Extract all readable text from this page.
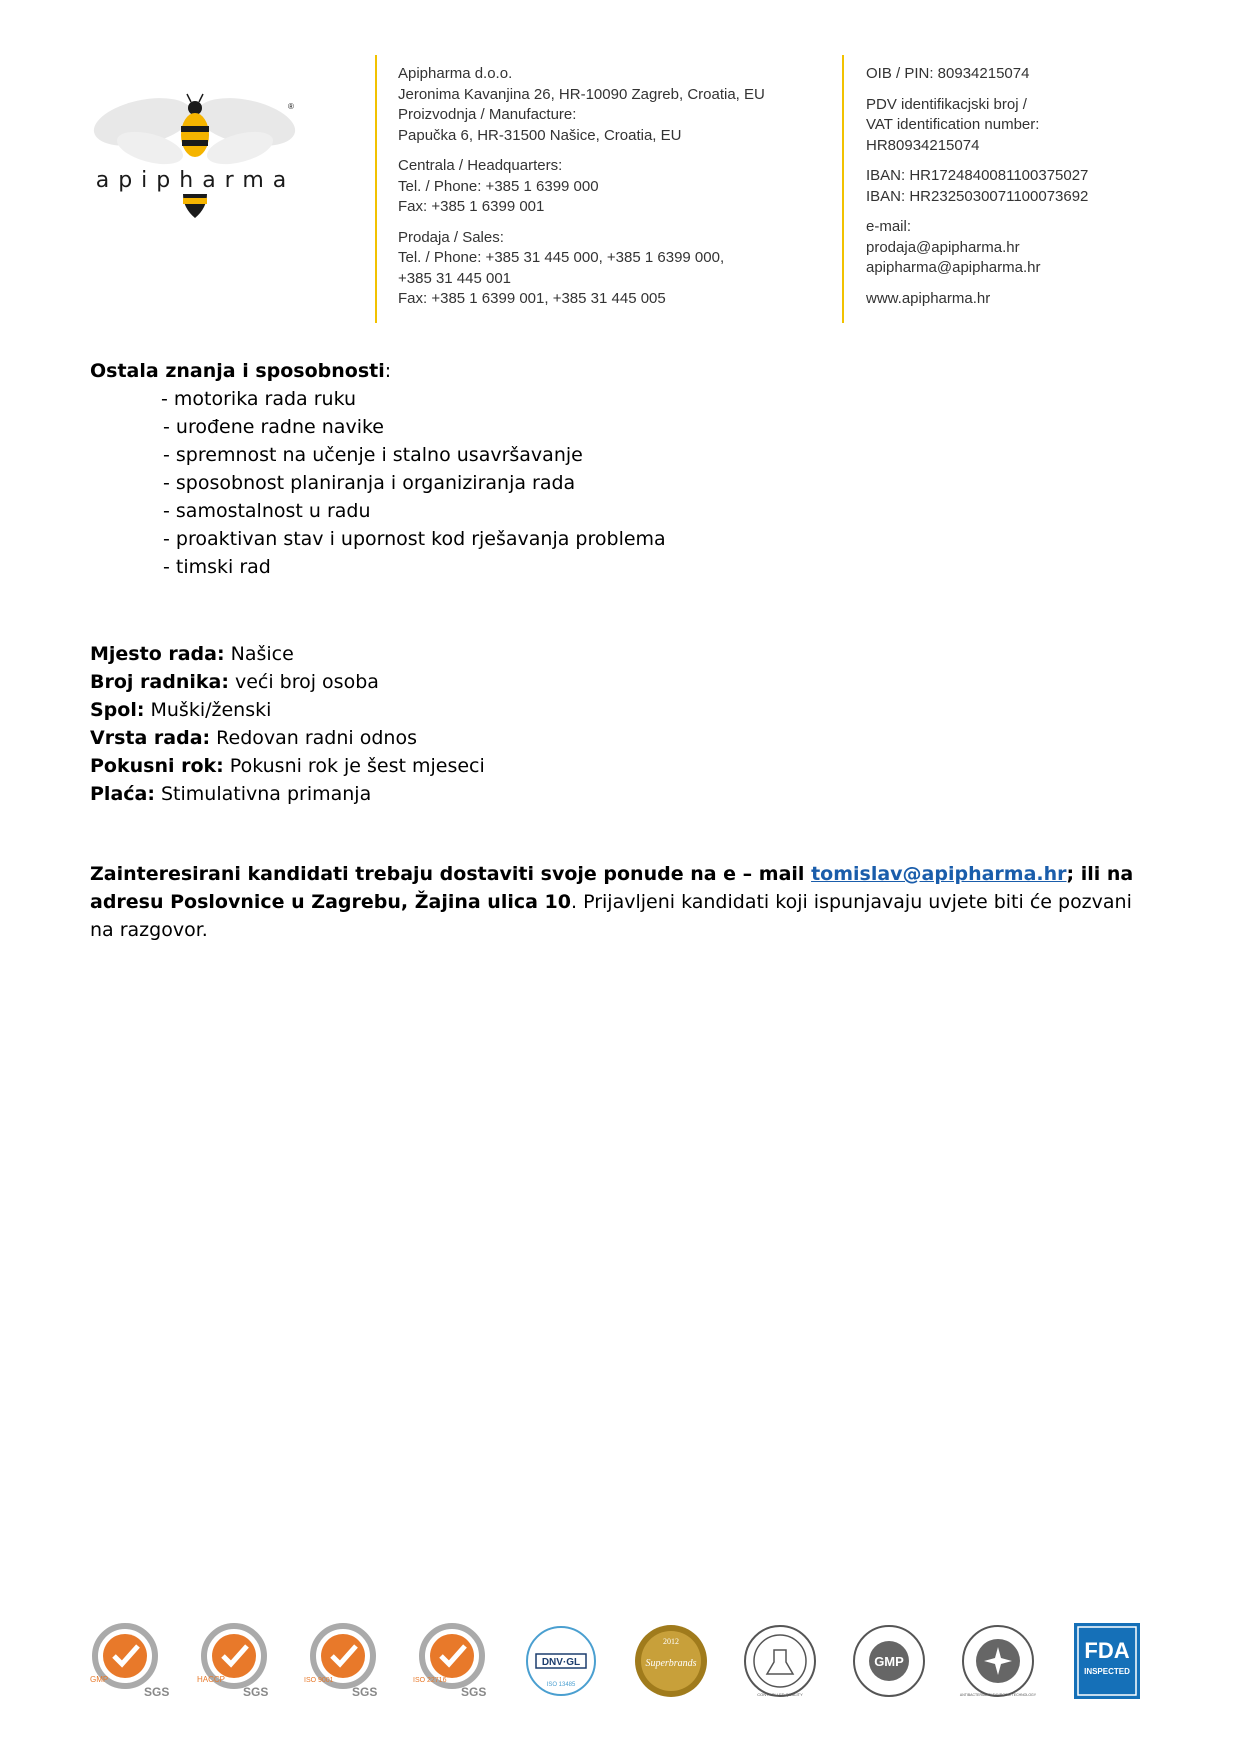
®
apipharma

Apipharma d.o.o.

Jeronima Kavanjina 26, HR-10090 Zagreb, Croatia, EU

Proizvodnja / Manufacture:

Papučka 6, HR-31500 Našice, Croatia, EU

Centrala / Headquarters:

Tel. / Phone: +385 1 6399 000

Fax: +385 1 6399 001

Prodaja / Sales:

Tel. / Phone: +385 31 445 000, +385 1 6399 000,

+385 31 445 001

Fax: +385 1 6399 001, +385 31 445 005

OIB / PIN: 80934215074

PDV identifikacjski broj /

VAT identification number:

HR80934215074

IBAN: HR1724840081100375027

IBAN: HR2325030071100073692

e-mail:

prodaja@apipharma.hr

apipharma@apipharma.hr

www.apipharma.hr

Ostala znanja i sposobnosti:
- motorika rada ruku
- urođene radne navike
- spremnost na učenje i stalno usavršavanje
- sposobnost planiranja i organiziranja rada
- samostalnost u radu
- proaktivan stav i upornost kod rješavanja problema
- timski rad
Mjesto rada: Našice
Broj radnika: veći broj osoba
Spol: Muški/ženski
Vrsta rada: Redovan radni odnos
Pokusni rok: Pokusni rok je šest mjeseci
Plaća: Stimulativna primanja
Zainteresirani kandidati trebaju dostaviti svoje ponude na e – mail tomislav@apipharma.hr; ili na adresu Poslovnice u Zagrebu, Žajina ulica 10. Prijavljeni kandidati koji ispunjavaju uvjete biti će pozvani na razgovor.
SGS
GMP
SGS
HACCP
SGS
ISO 9001
SGS
ISO 22716
DNV·GL
ISO 13485
2012
Superbrands
CONTROLLED QUALITY
GMP
ANTIBACTERIAL CLEANROOM TECHNOLOGY
FDA
INSPECTED
